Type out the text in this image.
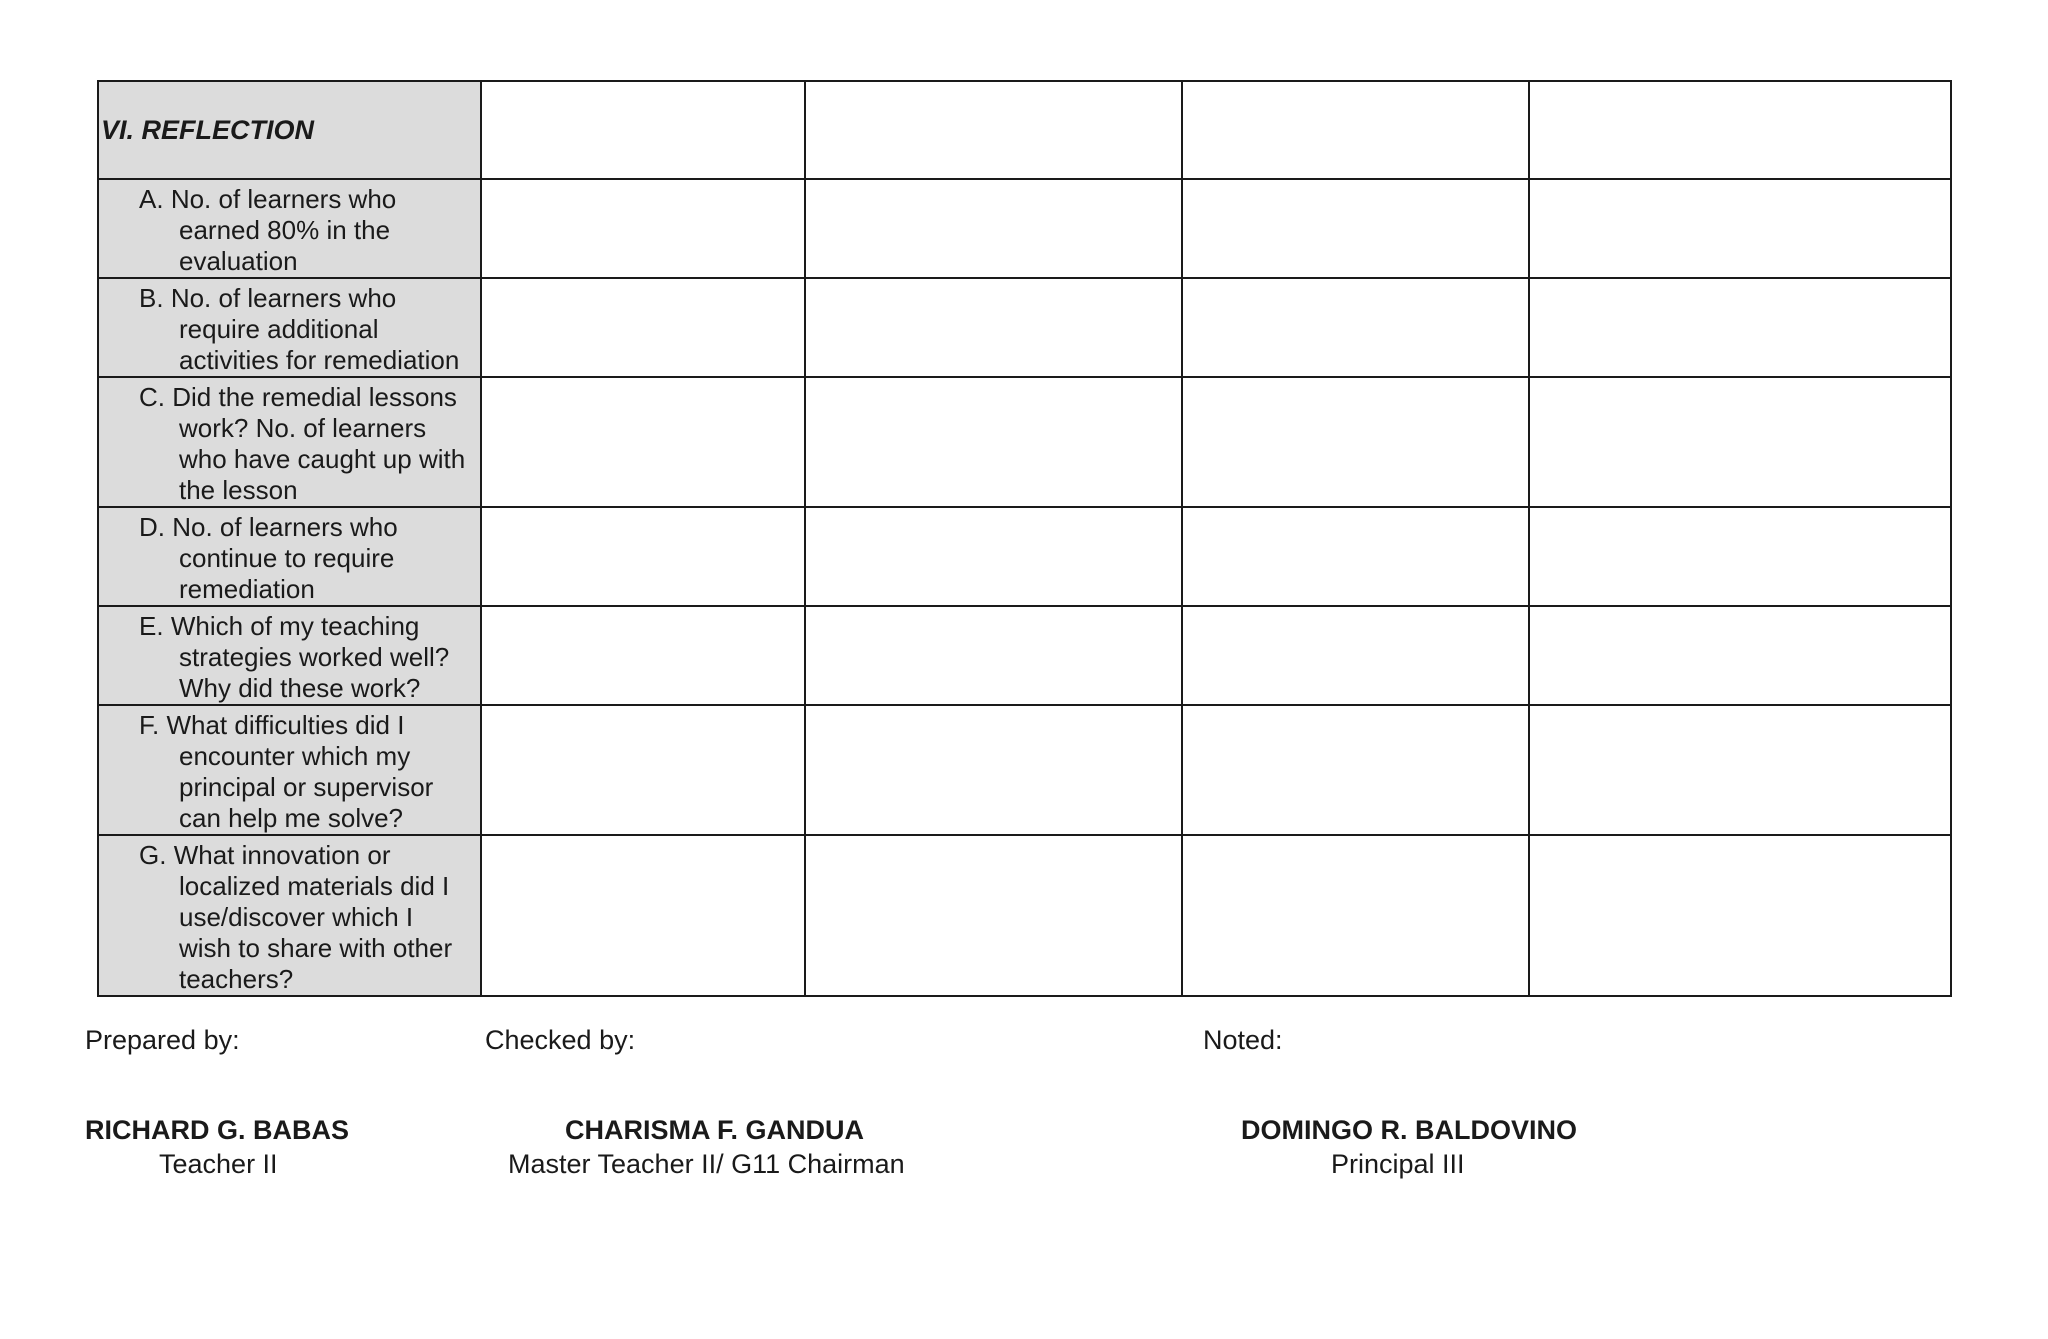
VI. REFLECTION				

A. No. of learners who
earned 80% in the
evaluation				

B. No. of learners who
require additional
activities for remediation				

C. Did the remedial lessons
work? No. of learners
who have caught up with
the lesson				

D. No. of learners who
continue to require
remediation				

E. Which of my teaching
strategies worked well?
Why did these work?				

F. What difficulties did I
encounter which my
principal or supervisor
can help me solve?				

G. What innovation or
localized materials did I
use/discover which I
wish to share with other
teachers?				

Prepared by:	Checked by:	Noted:
RICHARD G. BABAS
Teacher II
CHARISMA F. GANDUA
Master Teacher II/ G11 Chairman
DOMINGO R. BALDOVINO
Principal III
